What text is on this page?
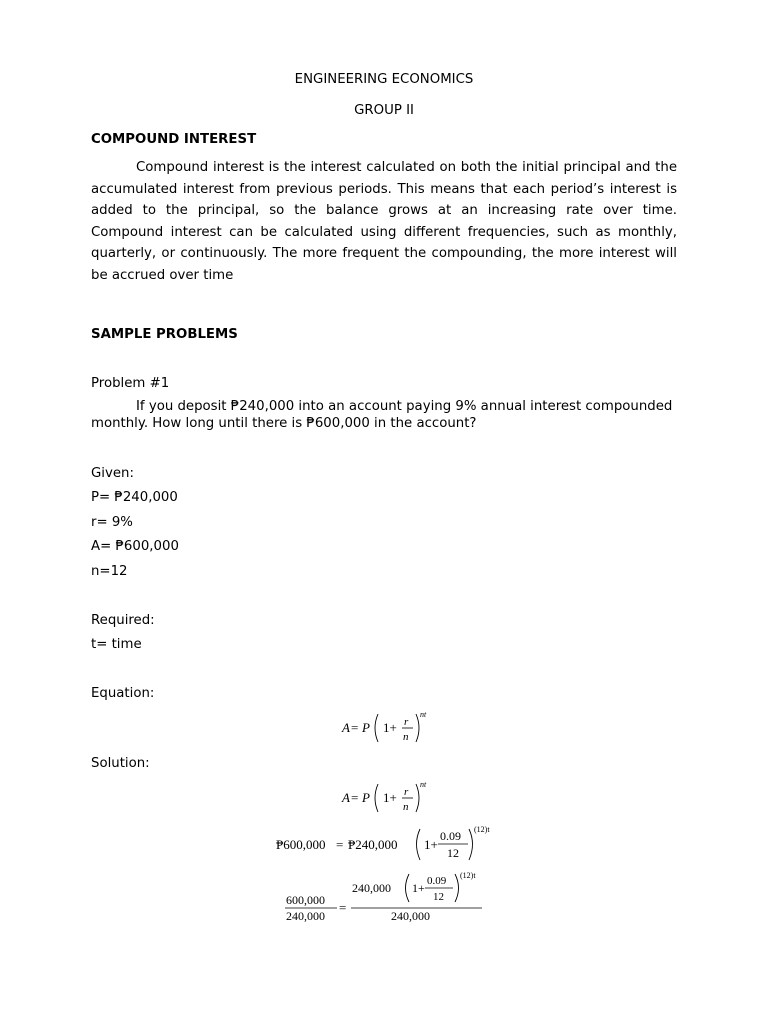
ENGINEERING ECONOMICS
GROUP II
COMPOUND INTEREST
Compound interest is the interest calculated on both the initial principal and the accumulated interest from previous periods. This means that each period’s interest is added to the principal, so the balance grows at an increasing rate over time. Compound interest can be calculated using different frequencies, such as monthly, quarterly, or continuously. The more frequent the compounding, the more interest will be accrued over time
SAMPLE PROBLEMS
Problem #1
If you deposit ₱240,000 into an account paying 9% annual interest compounded monthly. How long until there is ₱600,000 in the account?
Given:
P= ₱240,000
r= 9%
A= ₱600,000
n=12
Required:
t= time
Equation:
A = P 1+ r
n
nt
Solution:
A = P 1+ r
n
nt
₱600,000 = ₱240,000 1+
0.09
12
(12)t
600,000
240,000
=
240,000 1+ 0.09
12
(12)t
240,000
